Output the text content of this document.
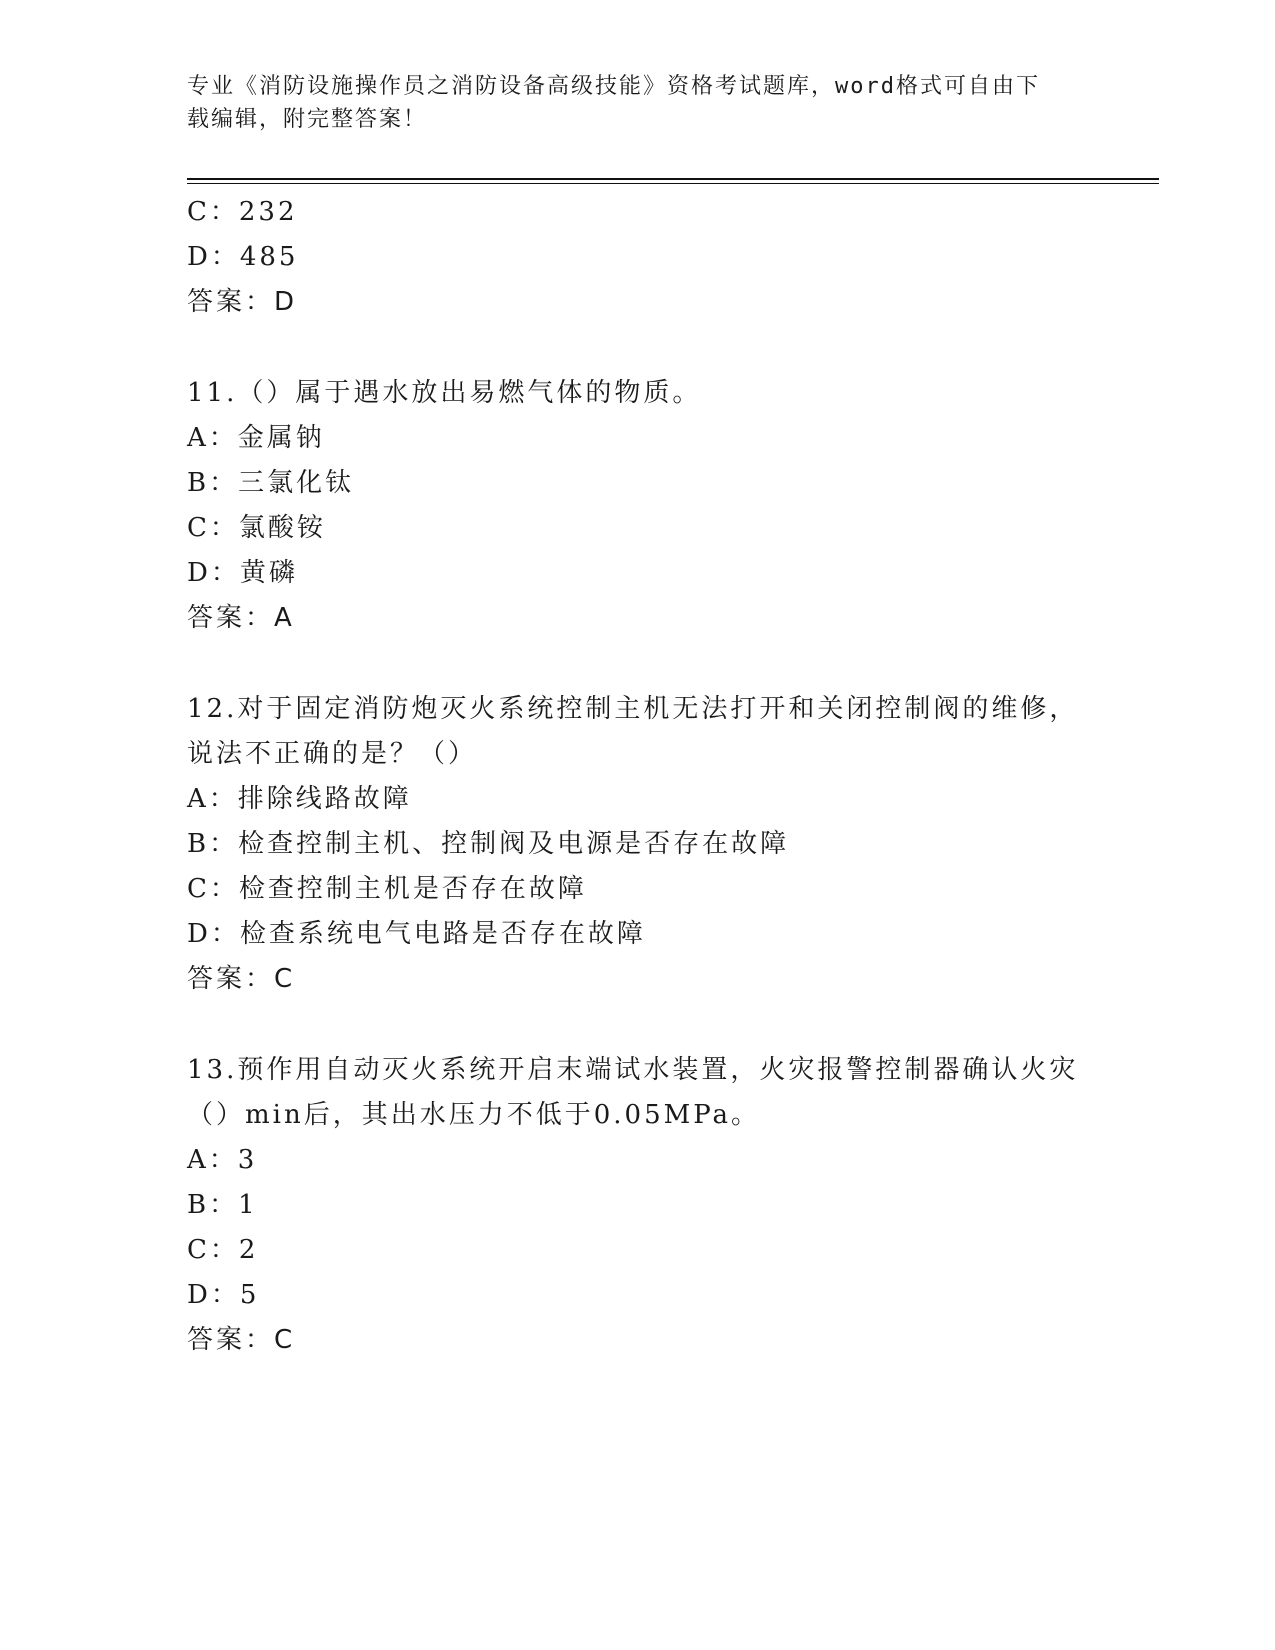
专业《消防设施操作员之消防设备高级技能》资格考试题库，word格式可自由下
载编辑，附完整答案！
C：232
D：485
答案：D
11.（）属于遇水放出易燃气体的物质。
A：金属钠
B：三氯化钛
C：氯酸铵
D：黄磷
答案：A
12.对于固定消防炮灭火系统控制主机无法打开和关闭控制阀的维修，
说法不正确的是？（）
A：排除线路故障
B：检查控制主机、控制阀及电源是否存在故障
C：检查控制主机是否存在故障
D：检查系统电气电路是否存在故障
答案：C
13.预作用自动灭火系统开启末端试水装置，火灾报警控制器确认火灾
（）min后，其出水压力不低于0.05MPa。
A：3
B：1
C：2
D：5
答案：C
